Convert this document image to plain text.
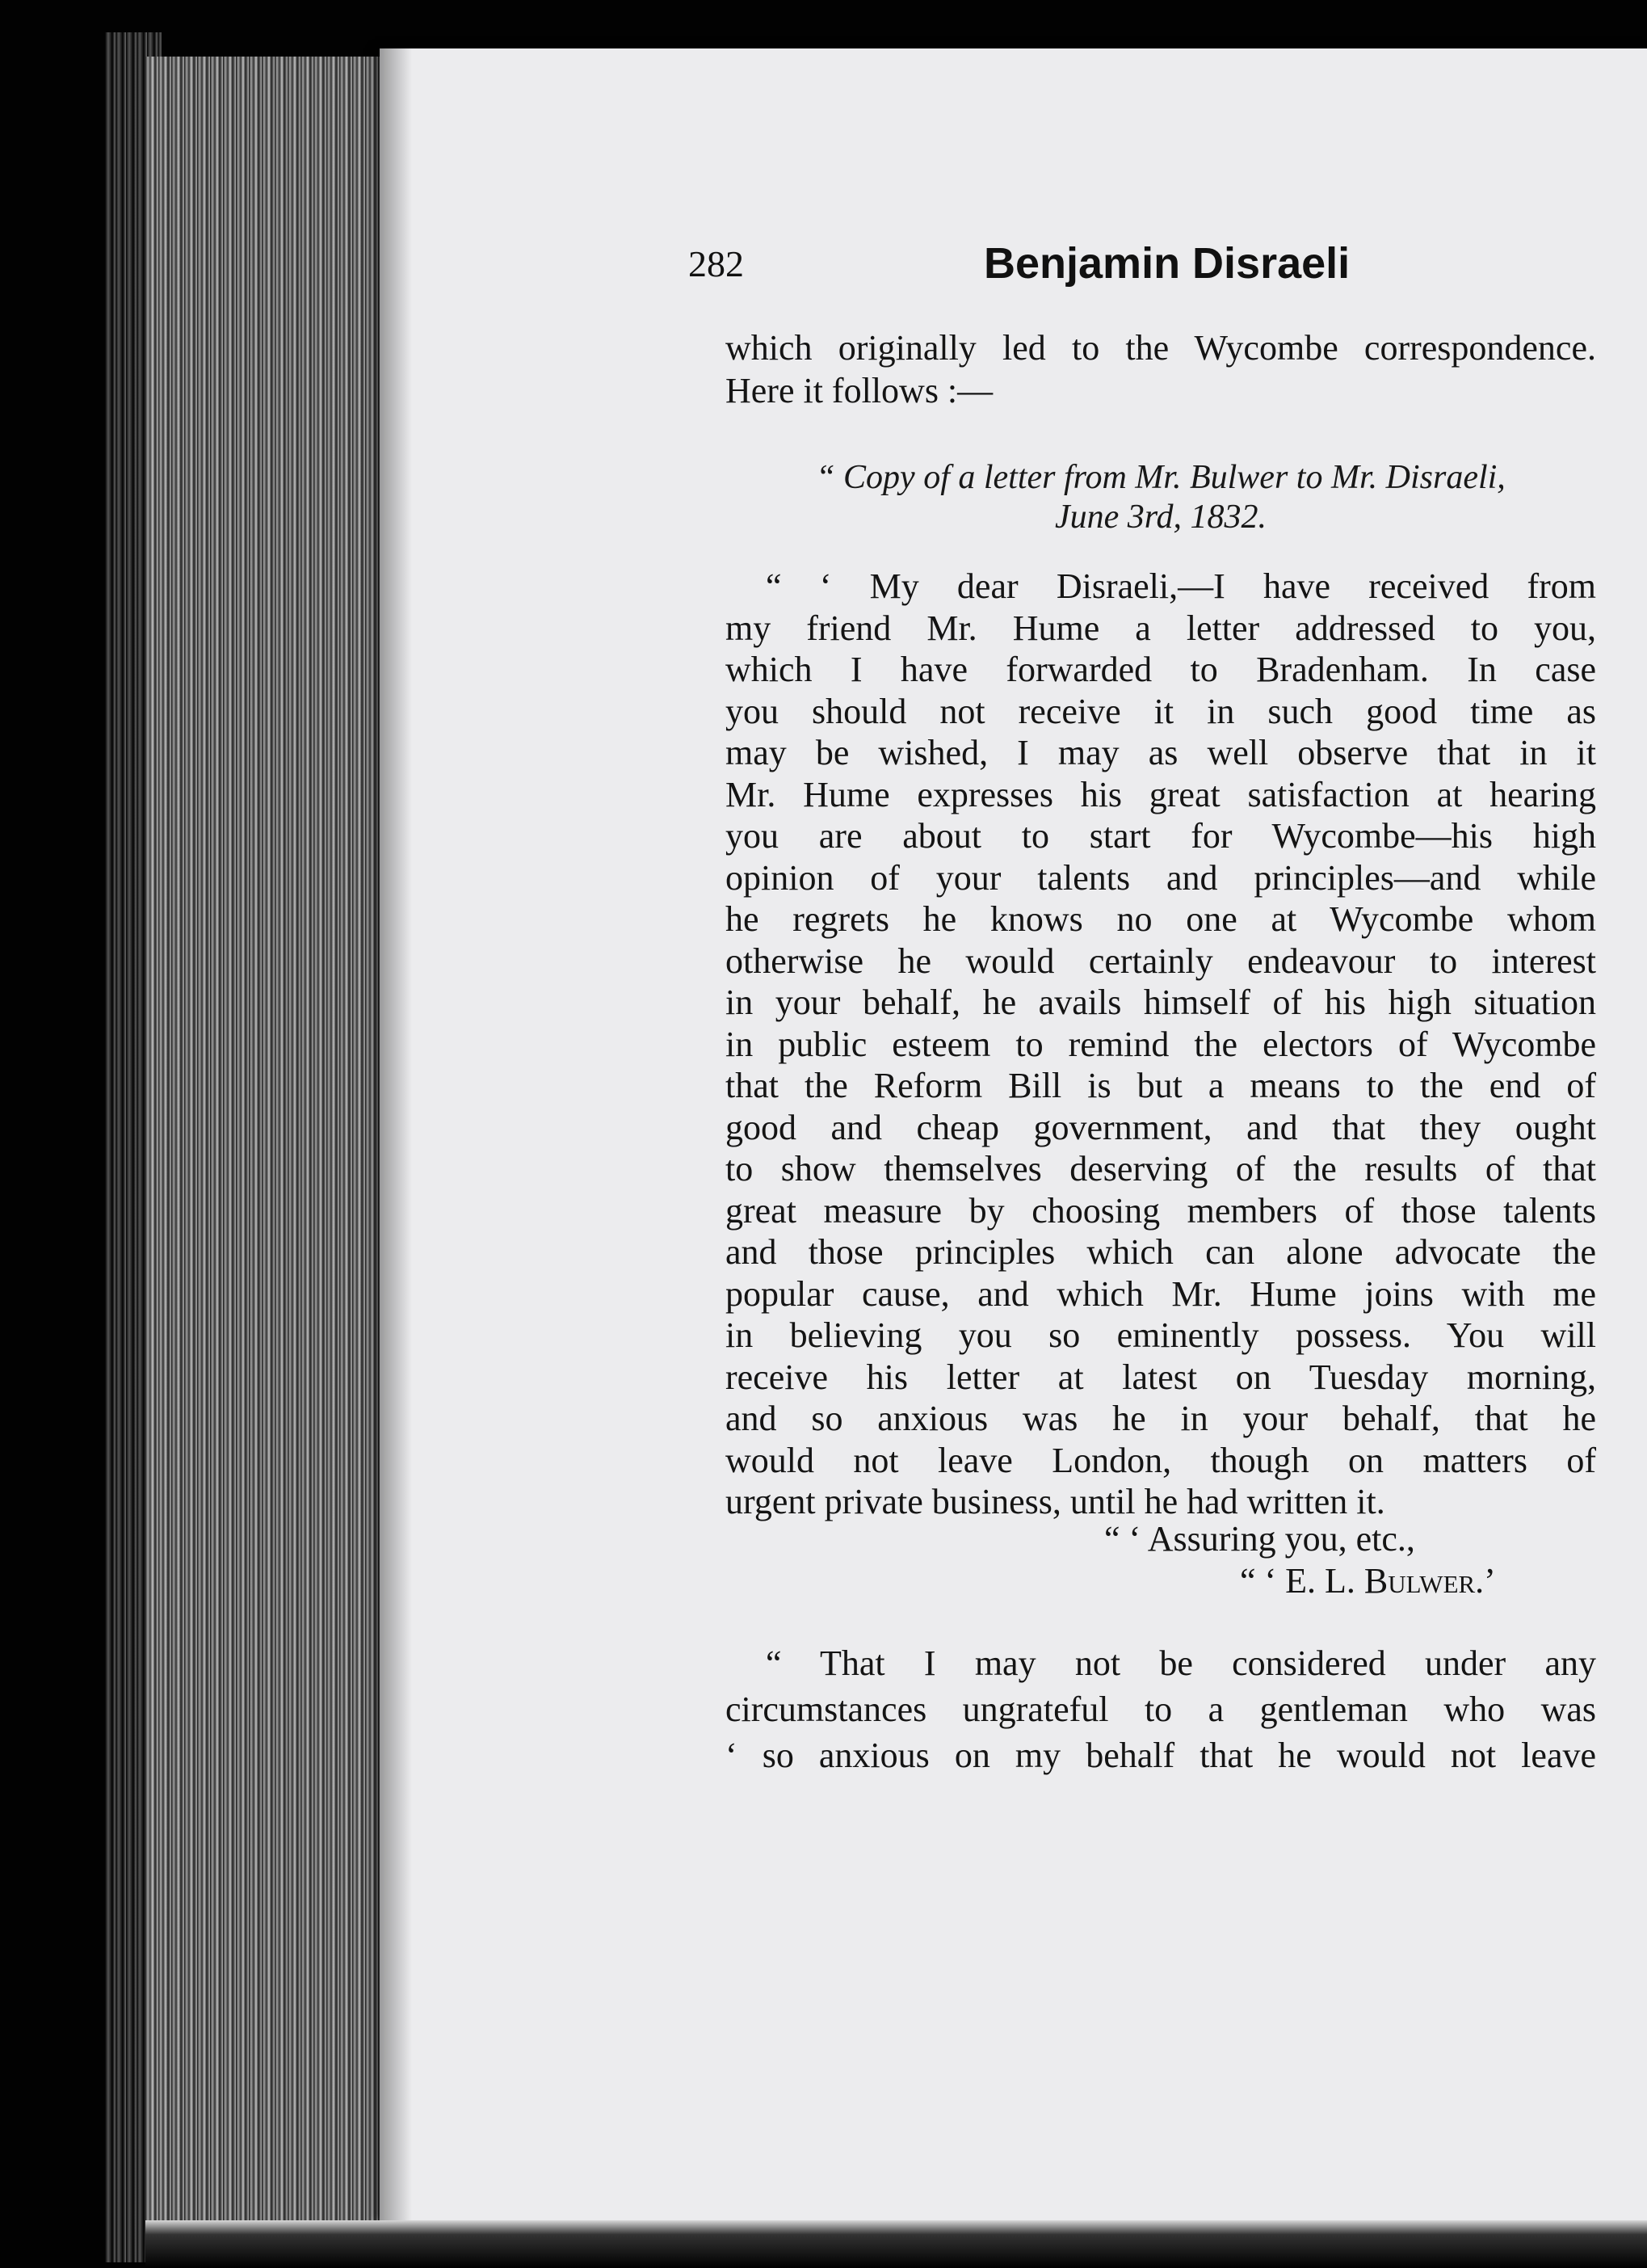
282	Benjamin Disraeli
which originally led to the Wycombe correspondence.
Here it follows :—
“ Copy of a letter from Mr. Bulwer to Mr. Disraeli,
June 3rd, 1832.
“ ‘ My dear Disraeli,—I have received from
my friend Mr. Hume a letter addressed to you,
which I have forwarded to Bradenham. In case
you should not receive it in such good time as
may be wished, I may as well observe that in it
Mr. Hume expresses his great satisfaction at hearing
you are about to start for Wycombe—his high
opinion of your talents and principles—and while
he regrets he knows no one at Wycombe whom
otherwise he would certainly endeavour to interest
in your behalf, he avails himself of his high situation
in public esteem to remind the electors of Wycombe
that the Reform Bill is but a means to the end of
good and cheap government, and that they ought
to show themselves deserving of the results of that
great measure by choosing members of those talents
and those principles which can alone advocate the
popular cause, and which Mr. Hume joins with me
in believing you so eminently possess. You will
receive his letter at latest on Tuesday morning,
and so anxious was he in your behalf, that he
would not leave London, though on matters of
urgent private business, until he had written it.
“ ‘ Assuring you, etc.,
“ ‘ E. L. Bulwer.’
“ That I may not be considered under any
circumstances ungrateful to a gentleman who was
‘ so anxious on my behalf that he would not leave
